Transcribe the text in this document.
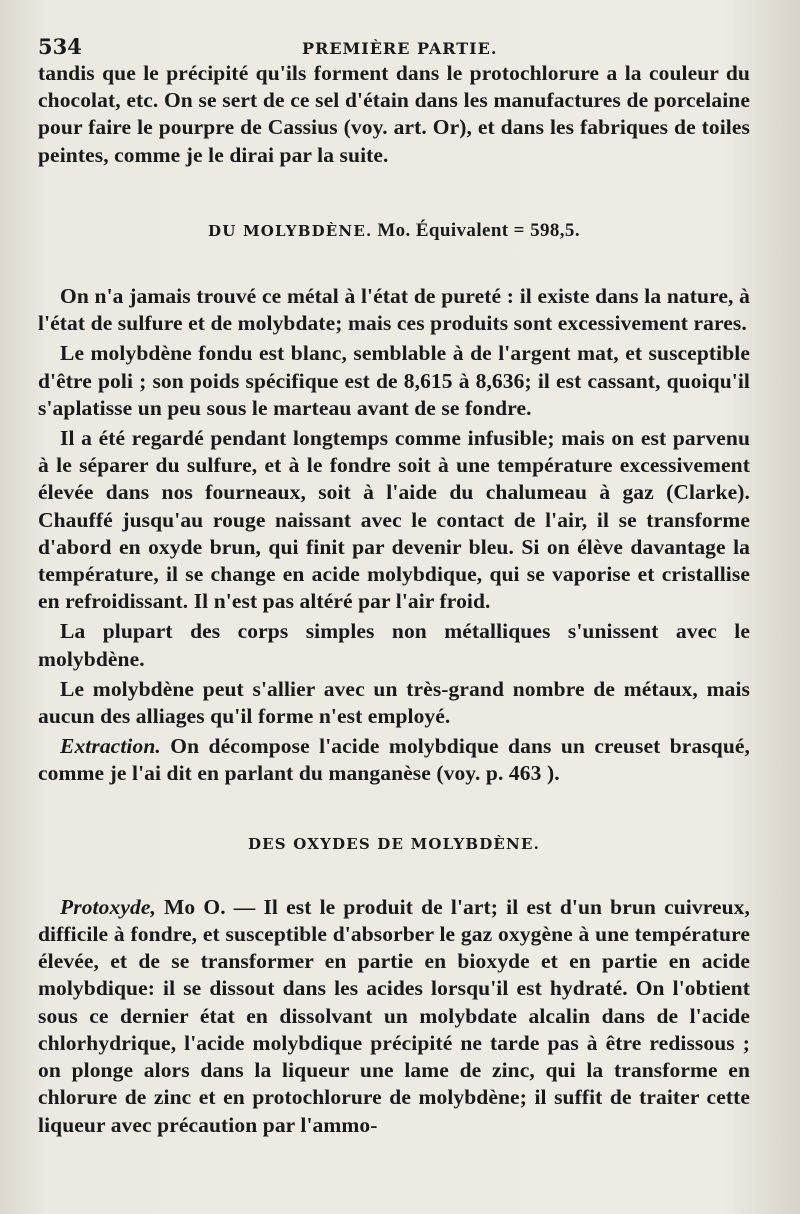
534	PREMIÈRE PARTIE.

tandis que le précipité qu'ils forment dans le protochlorure a la couleur du chocolat, etc. On se sert de ce sel d'étain dans les manufactures de porcelaine pour faire le pourpre de Cassius (voy. art. Or), et dans les fabriques de toiles peintes, comme je le dirai par la suite.

DU MOLYBDÈNE. Mo. Équivalent = 598,5.

On n'a jamais trouvé ce métal à l'état de pureté : il existe dans la nature, à l'état de sulfure et de molybdate; mais ces produits sont excessivement rares.

Le molybdène fondu est blanc, semblable à de l'argent mat, et susceptible d'être poli ; son poids spécifique est de 8,615 à 8,636; il est cassant, quoiqu'il s'aplatisse un peu sous le marteau avant de se fondre.

Il a été regardé pendant longtemps comme infusible; mais on est parvenu à le séparer du sulfure, et à le fondre soit à une température excessivement élevée dans nos fourneaux, soit à l'aide du chalumeau à gaz (Clarke). Chauffé jusqu'au rouge naissant avec le contact de l'air, il se transforme d'abord en oxyde brun, qui finit par devenir bleu. Si on élève davantage la température, il se change en acide molybdique, qui se vaporise et cristallise en refroidissant. Il n'est pas altéré par l'air froid.

La plupart des corps simples non métalliques s'unissent avec le molybdène.

Le molybdène peut s'allier avec un très-grand nombre de métaux, mais aucun des alliages qu'il forme n'est employé.

Extraction. On décompose l'acide molybdique dans un creuset brasqué, comme je l'ai dit en parlant du manganèse (voy. p. 463 ).

DES OXYDES DE MOLYBDÈNE.

Protoxyde, Mo O. — Il est le produit de l'art; il est d'un brun cuivreux, difficile à fondre, et susceptible d'absorber le gaz oxygène à une température élevée, et de se transformer en partie en bioxyde et en partie en acide molybdique: il se dissout dans les acides lorsqu'il est hydraté. On l'obtient sous ce dernier état en dissolvant un molybdate alcalin dans de l'acide chlorhydrique, l'acide molybdique précipité ne tarde pas à être redissous ; on plonge alors dans la liqueur une lame de zinc, qui la transforme en chlorure de zinc et en protochlorure de molybdène; il suffit de traiter cette liqueur avec précaution par l'ammo-
